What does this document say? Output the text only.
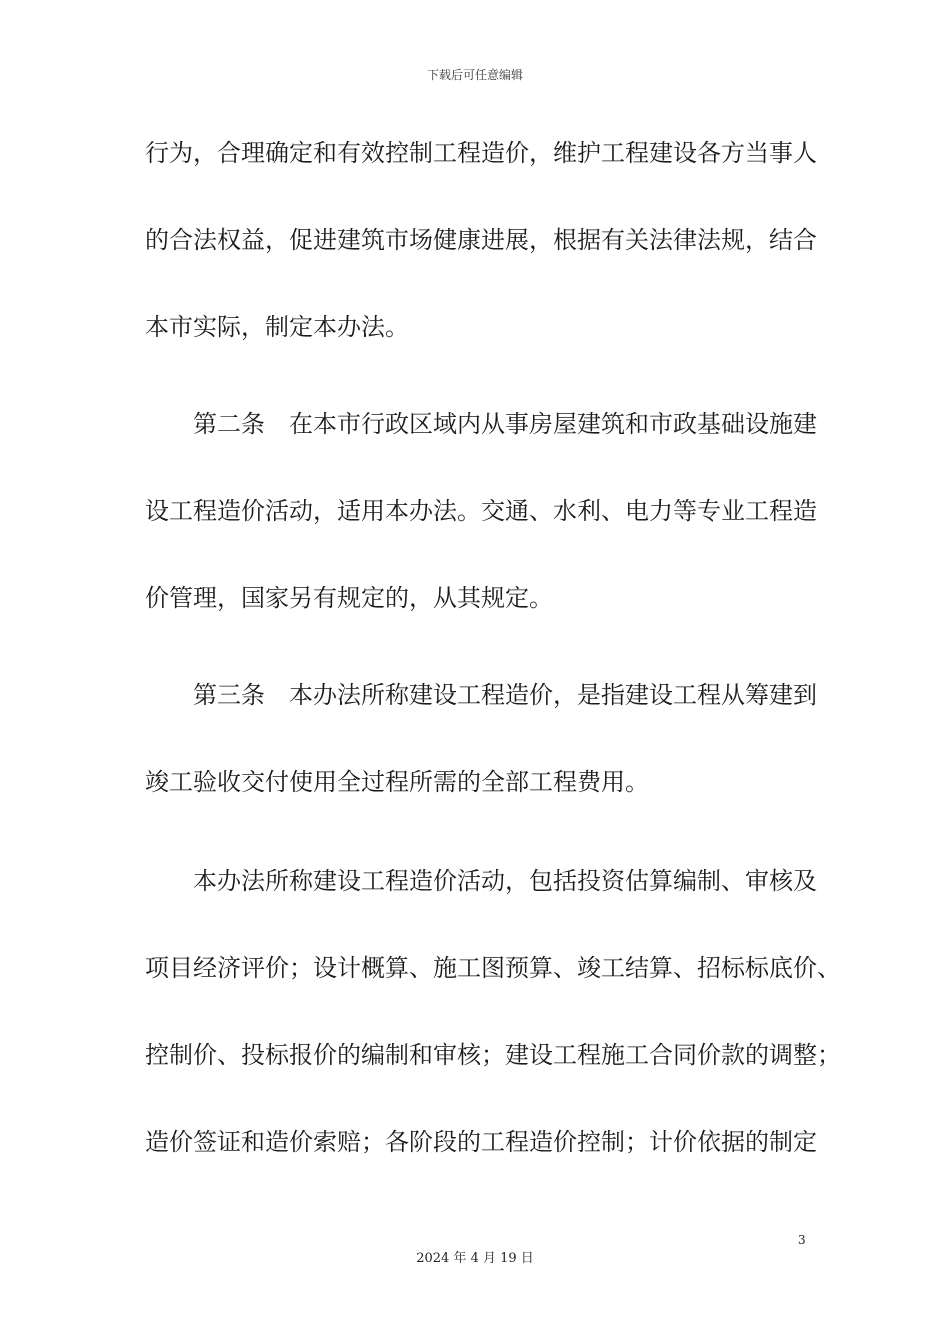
下载后可任意编辑
行为，合理确定和有效控制工程造价，维护工程建设各方当事人
的合法权益，促进建筑市场健康进展，根据有关法律法规，结合
本市实际，制定本办法。
　　第二条　在本市行政区域内从事房屋建筑和市政基础设施建
设工程造价活动，适用本办法。交通、水利、电力等专业工程造
价管理，国家另有规定的，从其规定。
　　第三条　本办法所称建设工程造价，是指建设工程从筹建到
竣工验收交付使用全过程所需的全部工程费用。
　　本办法所称建设工程造价活动，包括投资估算编制、审核及
项目经济评价；设计概算、施工图预算、竣工结算、招标标底价、
控制价、投标报价的编制和审核；建设工程施工合同价款的调整；
造价签证和造价索赔；各阶段的工程造价控制；计价依据的制定
3
2024 年 4 月 19 日
